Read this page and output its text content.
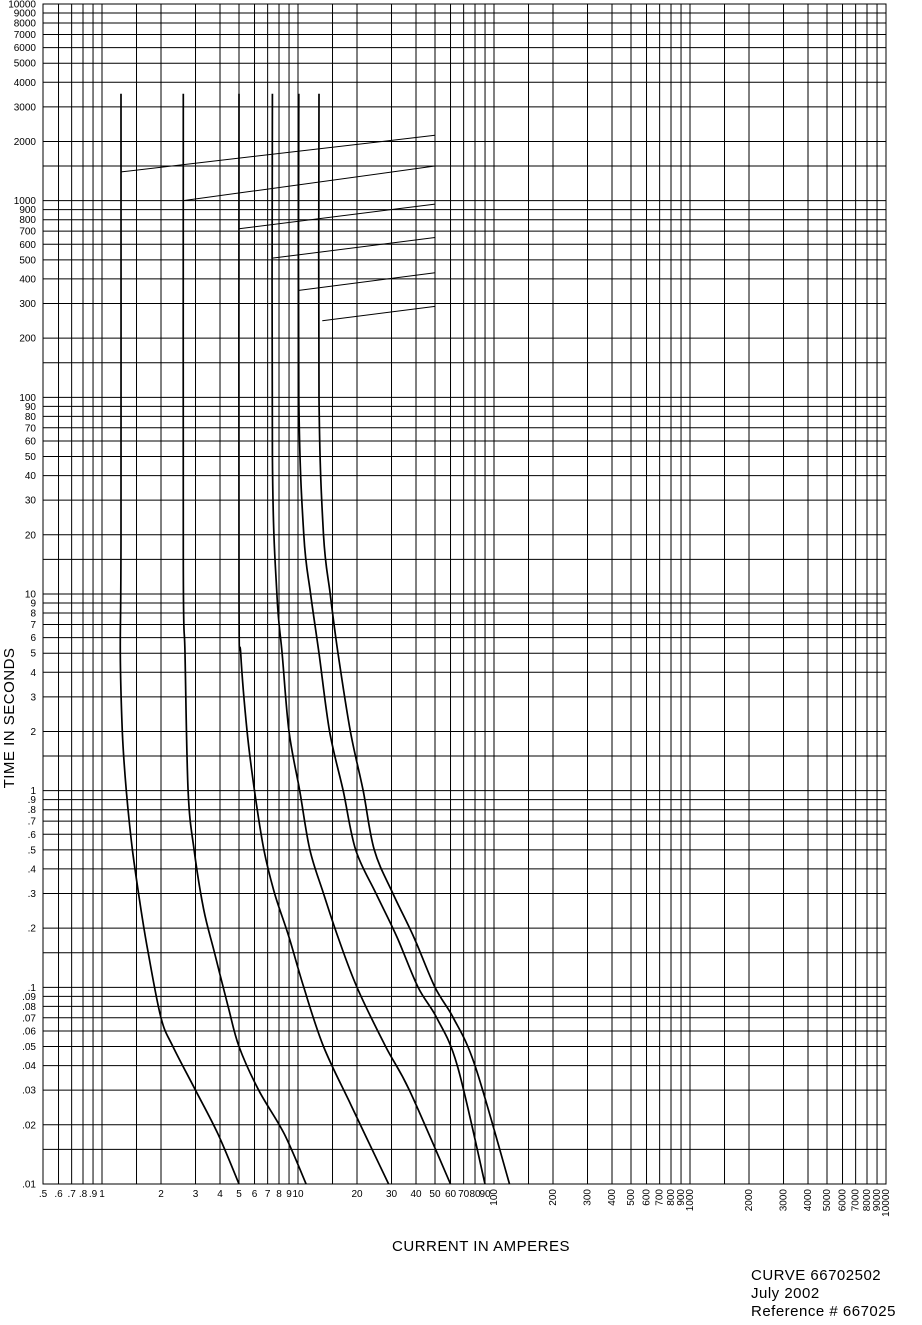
.01
.02
.03
.04
.05
.06
.07
.08
.09
.1
.2
.3
.4
.5
.6
.7
.8
.9
1
2
3
4
5
6
7
8
9
10
20
30
40
50
60
70
80
90
100
200
300
400
500
600
700
800
900
1000
2000
3000
4000
5000
6000
7000
8000
9000
10000
.5 .6 .7 .8 .9 1	2	3 4 5 6 7 8 9 10	20 30 40 50 60 70 80
90
100	200 300 400 500 600 700 800 900
1000	2000 3000 4000 5000 6000 7000 8000 9000
10000
TIME IN SECONDS
CURRENT IN AMPERES
CURVE 66702502
July 2002
Reference # 667025
